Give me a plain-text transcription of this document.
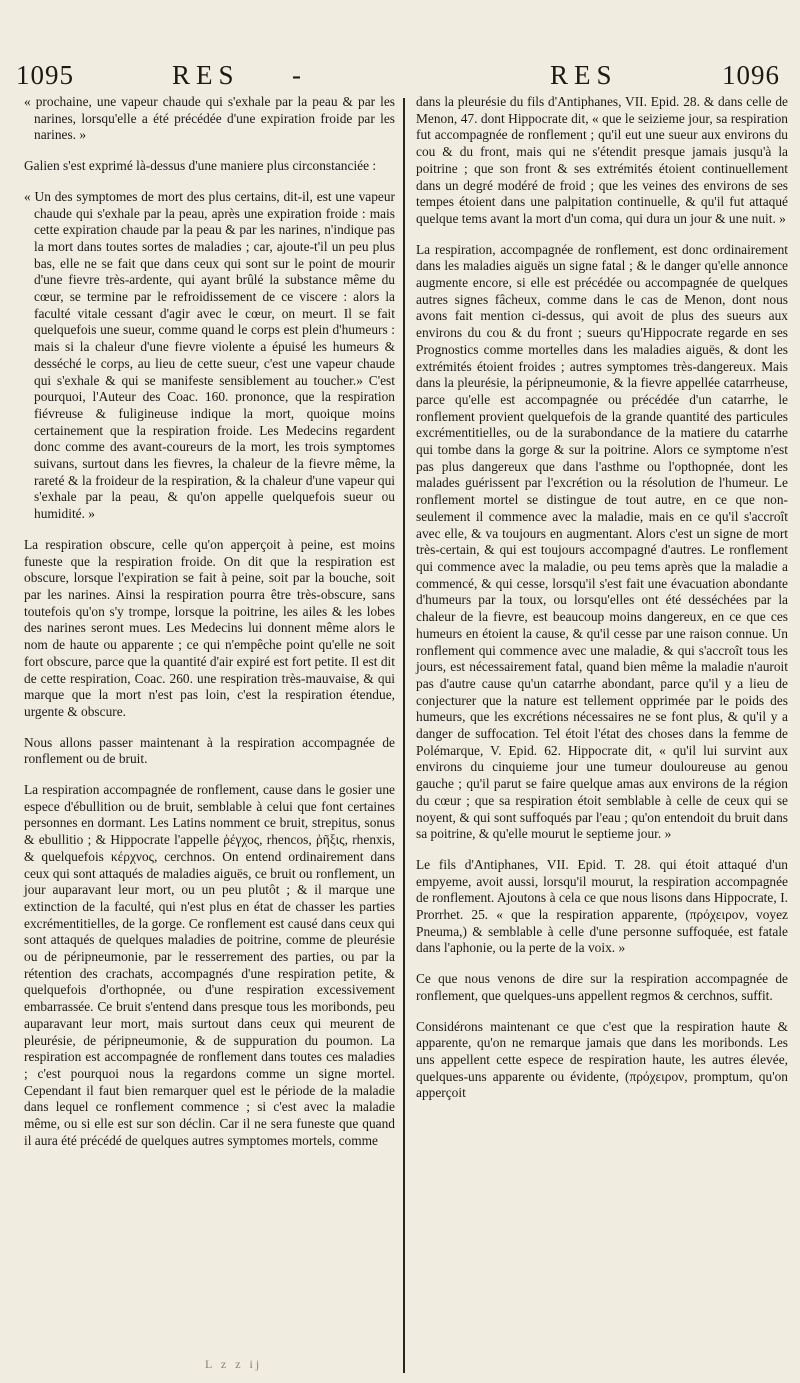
1095	RES -	RES	1096

« prochaine, une vapeur chaude qui s'exhale par la peau & par les narines, lorsqu'elle a été précédée d'une expiration froide par les narines. »

Galien s'est exprimé là-dessus d'une maniere plus circonstanciée :

« Un des symptomes de mort des plus certains, dit-il, est une vapeur chaude qui s'exhale par la peau, après une expiration froide : mais cette expiration chaude par la peau & par les narines, n'indique pas la mort dans toutes sortes de maladies ; car, ajoute-t'il un peu plus bas, elle ne se fait que dans ceux qui sont sur le point de mourir d'une fievre très-ardente, qui ayant brûlé la substance même du cœur, se termine par le refroidissement de ce viscere : alors la faculté vitale cessant d'agir avec le cœur, on meurt. Il se fait quelquefois une sueur, comme quand le corps est plein d'humeurs : mais si la chaleur d'une fievre violente a épuisé les humeurs & desséché le corps, au lieu de cette sueur, c'est une vapeur chaude qui s'exhale & qui se manifeste sensiblement au toucher.» C'est pourquoi, l'Auteur des Coac. 160. prononce, que la respiration fiévreuse & fuligineuse indique la mort, quoique moins certainement que la respiration froide. Les Medecins regardent donc comme des avant-coureurs de la mort, les trois symptomes suivans, surtout dans les fievres, la chaleur de la fievre même, la rareté & la froideur de la respiration, & la chaleur d'une vapeur qui s'exhale par la peau, & qu'on appelle quelquefois sueur ou humidité. »

La respiration obscure, celle qu'on apperçoit à peine, est moins funeste que la respiration froide. On dit que la respiration est obscure, lorsque l'expiration se fait à peine, soit par la bouche, soit par les narines. Ainsi la respiration pourra être très-obscure, sans toutefois qu'on s'y trompe, lorsque la poitrine, les ailes & les lobes des narines seront mues. Les Medecins lui donnent même alors le nom de haute ou apparente ; ce qui n'empêche point qu'elle ne soit fort obscure, parce que la quantité d'air expiré est fort petite. Il est dit de cette respiration, Coac. 260. une respiration très-mauvaise, & qui marque que la mort n'est pas loin, c'est la respiration étendue, urgente & obscure.

Nous allons passer maintenant à la respiration accompagnée de ronflement ou de bruit.

La respiration accompagnée de ronflement, cause dans le gosier une espece d'ébullition ou de bruit, semblable à celui que font certaines personnes en dormant. Les Latins nomment ce bruit, strepitus, sonus & ebullitio ; & Hippocrate l'appelle ῥέγχος, rhencos, ῥῆξις, rhenxis, & quelquefois κέρχνος, cerchnos. On entend ordinairement dans ceux qui sont attaqués de maladies aiguës, ce bruit ou ronflement, un jour auparavant leur mort, ou un peu plutôt ; & il marque une extinction de la faculté, qui n'est plus en état de chasser les parties excrémentitielles, de la gorge. Ce ronflement est causé dans ceux qui sont attaqués de quelques maladies de poitrine, comme de pleurésie ou de péripneumonie, par le resserrement des parties, ou par la rétention des crachats, accompagnés d'une respiration petite, & quelquefois d'orthopnée, ou d'une respiration excessivement embarrassée. Ce bruit s'entend dans presque tous les moribonds, peu auparavant leur mort, mais surtout dans ceux qui meurent de pleurésie, de péripneumonie, & de suppuration du poumon. La respiration est accompagnée de ronflement dans toutes ces maladies ; c'est pourquoi nous la regardons comme un signe mortel. Cependant il faut bien remarquer quel est le période de la maladie dans lequel ce ronflement commence ; si c'est avec la maladie même, ou si elle est sur son déclin. Car il ne sera funeste que quand il aura été précédé de quelques autres symptomes mortels, comme

dans la pleurésie du fils d'Antiphanes, VII. Epid. 28. & dans celle de Menon, 47. dont Hippocrate dit, « que le seizieme jour, sa respiration fut accompagnée de ronflement ; qu'il eut une sueur aux environs du cou & du front, mais qui ne s'étendit presque jamais jusqu'à la poitrine ; que son front & ses extrémités étoient continuellement dans un degré modéré de froid ; que les veines des environs de ses tempes étoient dans une palpitation continuelle, & qu'il fut attaqué quelque tems avant la mort d'un coma, qui dura un jour & une nuit. »

La respiration, accompagnée de ronflement, est donc ordinairement dans les maladies aiguës un signe fatal ; & le danger qu'elle annonce augmente encore, si elle est précédée ou accompagnée de quelques autres signes fâcheux, comme dans le cas de Menon, dont nous avons fait mention ci-dessus, qui avoit de plus des sueurs aux environs du cou & du front ; sueurs qu'Hippocrate regarde en ses Prognostics comme mortelles dans les maladies aiguës, & dont les extrémités étoient froides ; autres symptomes très-dangereux. Mais dans la pleurésie, la péripneumonie, & la fievre appellée catarrheuse, parce qu'elle est accompagnée ou précédée d'un catarrhe, le ronflement provient quelquefois de la grande quantité des particules excrémentitielles, ou de la surabondance de la matiere du catarrhe qui tombe dans la gorge & sur la poitrine. Alors ce symptome n'est pas plus dangereux que dans l'asthme ou l'opthopnée, dont les malades guérissent par l'excrétion ou la résolution de l'humeur. Le ronflement mortel se distingue de tout autre, en ce que non-seulement il commence avec la maladie, mais en ce qu'il s'accroît avec elle, & va toujours en augmentant. Alors c'est un signe de mort très-certain, & qui est toujours accompagné d'autres. Le ronflement qui commence avec la maladie, ou peu tems après que la maladie a commencé, & qui cesse, lorsqu'il s'est fait une évacuation abondante d'humeurs par la toux, ou lorsqu'elles ont été desséchées par la chaleur de la fievre, est beaucoup moins dangereux, en ce que ces humeurs en étoient la cause, & qu'il cesse par une raison connue. Un ronflement qui commence avec une maladie, & qui s'accroît tous les jours, est nécessairement fatal, quand bien même la maladie n'auroit pas d'autre cause qu'un catarrhe abondant, parce qu'il y a lieu de conjecturer que la nature est tellement opprimée par le poids des humeurs, que les excrétions nécessaires ne se font plus, & qu'il y a danger de suffocation. Tel étoit l'état des choses dans la femme de Polémarque, V. Epid. 62. Hippocrate dit, « qu'il lui survint aux environs du cinquieme jour une tumeur douloureuse au genou gauche ; qu'il parut se faire quelque amas aux environs de la région du cœur ; que sa respiration étoit semblable à celle de ceux qui se noyent, & qui sont suffoqués par l'eau ; qu'on entendoit du bruit dans sa poitrine, & qu'elle mourut le septieme jour. »

Le fils d'Antiphanes, VII. Epid. T. 28. qui étoit attaqué d'un empyeme, avoit aussi, lorsqu'il mourut, la respiration accompagnée de ronflement. Ajoutons à cela ce que nous lisons dans Hippocrate, I. Prorrhet. 25. « que la respiration apparente, (πρόχειρον, voyez Pneuma,) & semblable à celle d'une personne suffoquée, est fatale dans l'aphonie, ou la perte de la voix. »

Ce que nous venons de dire sur la respiration accompagnée de ronflement, que quelques-uns appellent regmos & cerchnos, suffit.

Considérons maintenant ce que c'est que la respiration haute & apparente, qu'on ne remarque jamais que dans les moribonds. Les uns appellent cette espece de respiration haute, les autres élevée, quelques-uns apparente ou évidente, (πρόχειρον, promptum, qu'on apperçoit

L z z ij
